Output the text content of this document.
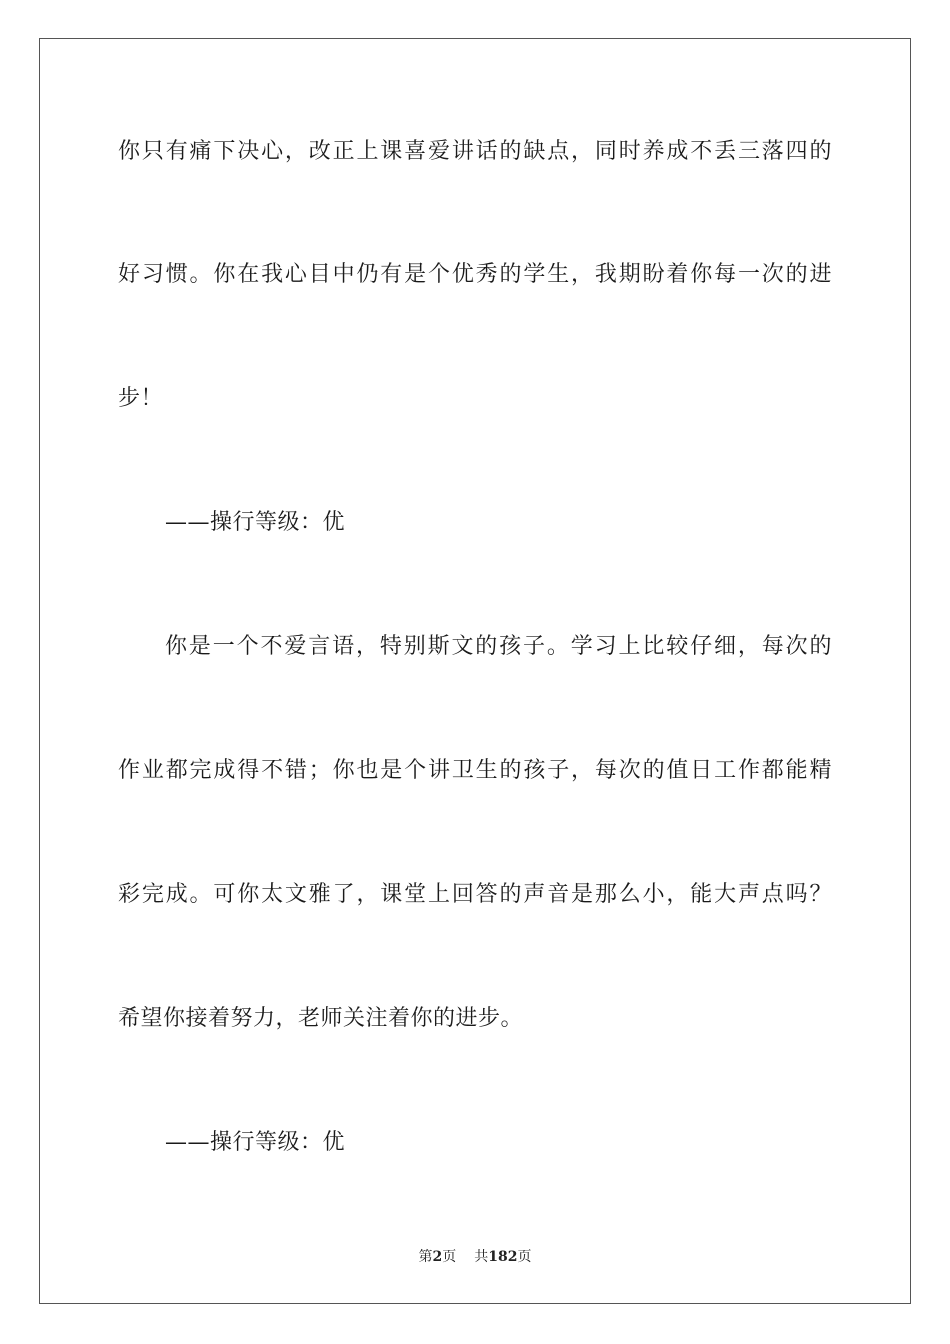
你只有痛下决心，改正上课喜爱讲话的缺点，同时养成不丢三落四的
好习惯。你在我心目中仍有是个优秀的学生，我期盼着你每一次的进
步！
——操行等级：优
你是一个不爱言语，特别斯文的孩子。学习上比较仔细，每次的
作业都完成得不错；你也是个讲卫生的孩子，每次的值日工作都能精
彩完成。可你太文雅了，课堂上回答的声音是那么小，能大声点吗？
希望你接着努力，老师关注着你的进步。
——操行等级：优
第2页 共182页
